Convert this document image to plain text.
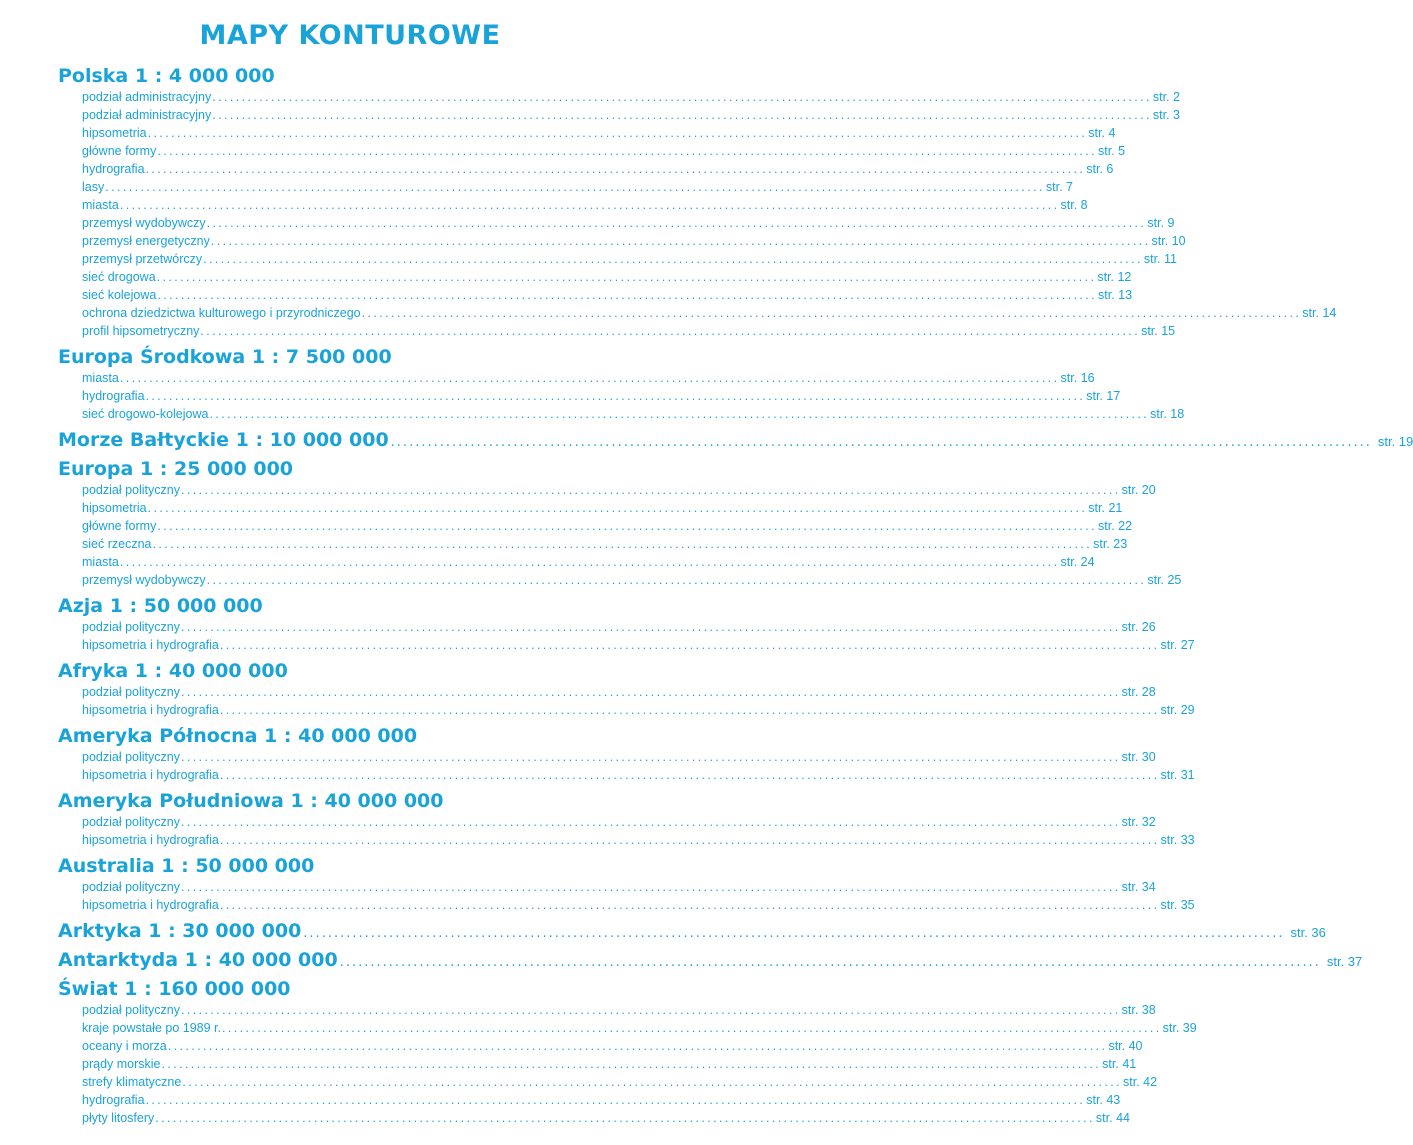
MAPY KONTUROWE
Polska 1 : 4 000 000
podział administracyjny ................................................................................................................................................................ str. 2
podział administracyjny ................................................................................................................................................................ str. 3
hipsometria ................................................................................................................................................................ str. 4
główne formy ................................................................................................................................................................ str. 5
hydrografia ................................................................................................................................................................ str. 6
lasy ................................................................................................................................................................ str. 7
miasta ................................................................................................................................................................ str. 8
przemysł wydobywczy ................................................................................................................................................................ str. 9
przemysł energetyczny ................................................................................................................................................................ str. 10
przemysł przetwórczy ................................................................................................................................................................ str. 11
sieć drogowa ................................................................................................................................................................ str. 12
sieć kolejowa ................................................................................................................................................................ str. 13
ochrona dziedzictwa kulturowego i przyrodniczego ................................................................................................................................................................ str. 14
profil hipsometryczny ................................................................................................................................................................ str. 15
Europa Środkowa 1 : 7 500 000
miasta ................................................................................................................................................................ str. 16
hydrografia ................................................................................................................................................................ str. 17
sieć drogowo-kolejowa ................................................................................................................................................................ str. 18
Morze Bałtyckie 1 : 10 000 000 ................................................................................................................................................................ str. 19
Europa 1 : 25 000 000
podział polityczny ................................................................................................................................................................ str. 20
hipsometria ................................................................................................................................................................ str. 21
główne formy ................................................................................................................................................................ str. 22
sieć rzeczna ................................................................................................................................................................ str. 23
miasta ................................................................................................................................................................ str. 24
przemysł wydobywczy ................................................................................................................................................................ str. 25
Azja 1 : 50 000 000
podział polityczny ................................................................................................................................................................ str. 26
hipsometria i hydrografia ................................................................................................................................................................ str. 27
Afryka 1 : 40 000 000
podział polityczny ................................................................................................................................................................ str. 28
hipsometria i hydrografia ................................................................................................................................................................ str. 29
Ameryka Północna 1 : 40 000 000
podział polityczny ................................................................................................................................................................ str. 30
hipsometria i hydrografia ................................................................................................................................................................ str. 31
Ameryka Południowa 1 : 40 000 000
podział polityczny ................................................................................................................................................................ str. 32
hipsometria i hydrografia ................................................................................................................................................................ str. 33
Australia 1 : 50 000 000
podział polityczny ................................................................................................................................................................ str. 34
hipsometria i hydrografia ................................................................................................................................................................ str. 35
Arktyka 1 : 30 000 000 ................................................................................................................................................................ str. 36
Antarktyda 1 : 40 000 000 ................................................................................................................................................................ str. 37
Świat 1 : 160 000 000
podział polityczny ................................................................................................................................................................ str. 38
kraje powstałe po 1989 r. ................................................................................................................................................................ str. 39
oceany i morza ................................................................................................................................................................ str. 40
prądy morskie ................................................................................................................................................................ str. 41
strefy klimatyczne ................................................................................................................................................................ str. 42
hydrografia ................................................................................................................................................................ str. 43
płyty litosfery ................................................................................................................................................................ str. 44
